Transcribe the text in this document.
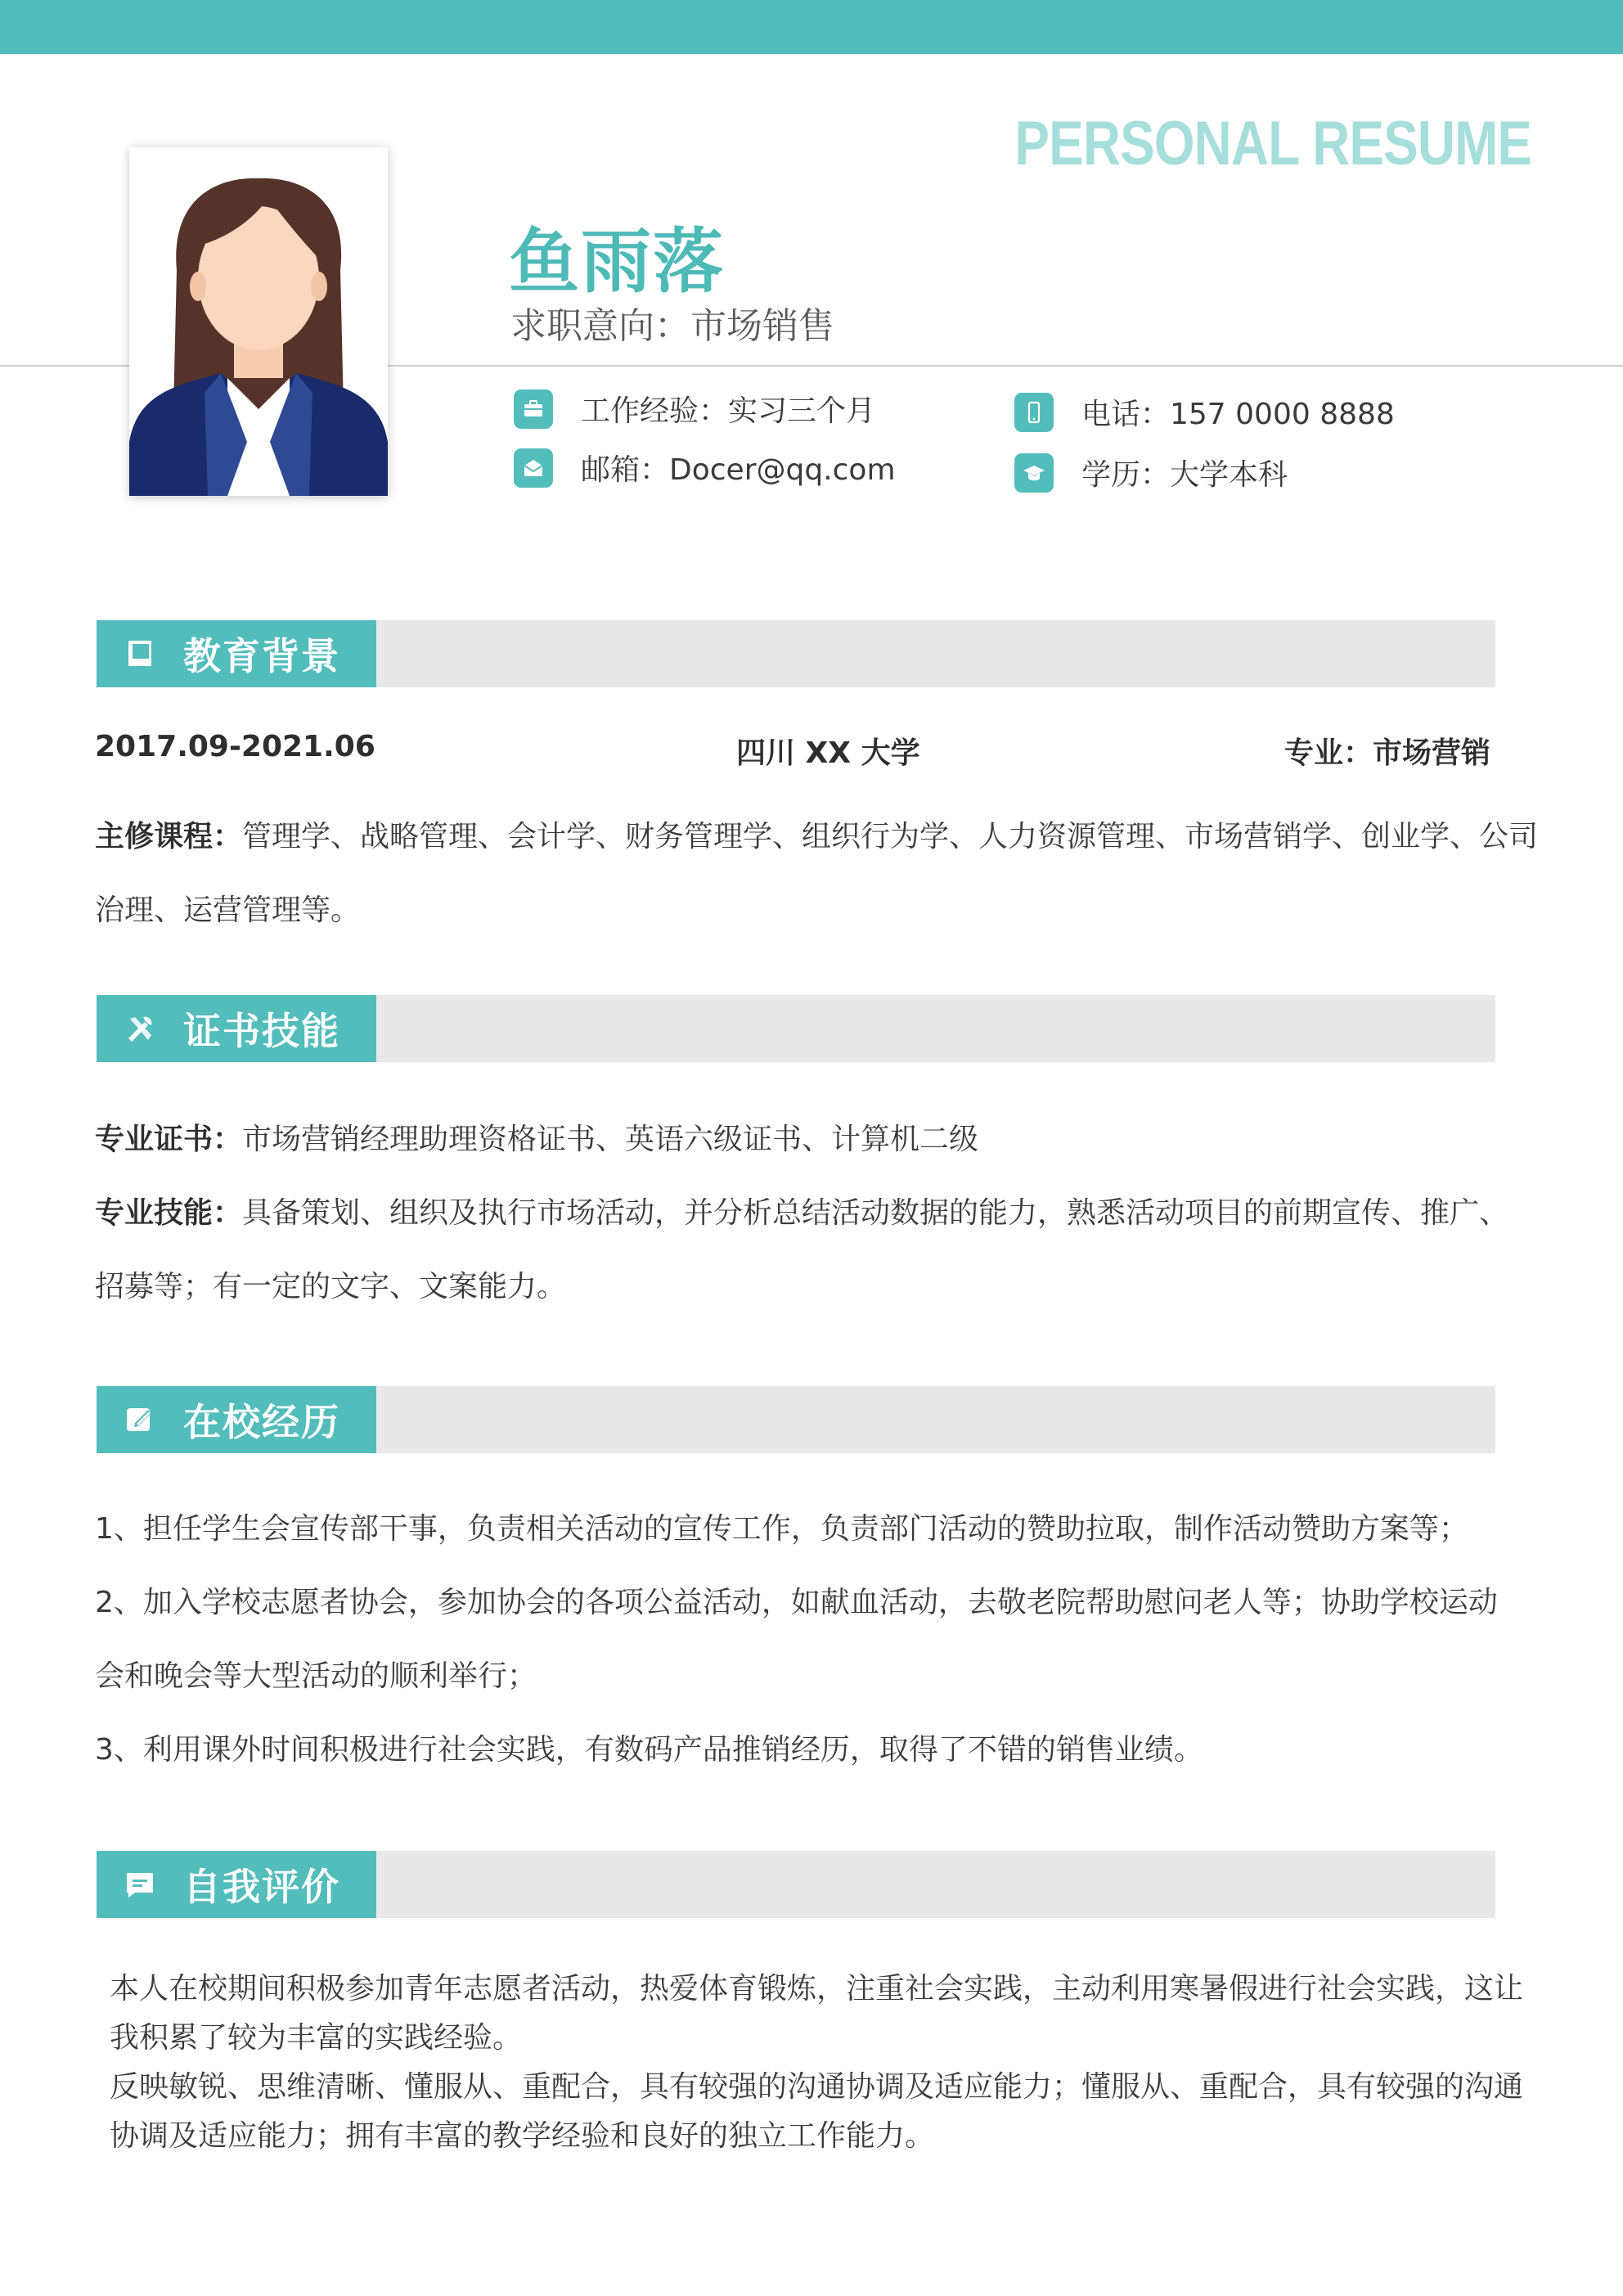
PERSONAL RESUME
鱼雨落
求职意向：市场销售
工作经验：实习三个月	电话：157 0000 8888
邮箱：Docer@qq.com	学历：大学本科
教育背景
2017.09-2021.06	四川 XX 大学	专业：市场营销
主修课程：管理学、战略管理、会计学、财务管理学、组织行为学、人力资源管理、市场营销学、创业学、公司
治理、运营管理等。
证书技能
专业证书：市场营销经理助理资格证书、英语六级证书、计算机二级
专业技能：具备策划、组织及执行市场活动，并分析总结活动数据的能力，熟悉活动项目的前期宣传、推广、
招募等；有一定的文字、文案能力。
在校经历
1、担任学生会宣传部干事，负责相关活动的宣传工作，负责部门活动的赞助拉取，制作活动赞助方案等；
2、加入学校志愿者协会，参加协会的各项公益活动，如献血活动，去敬老院帮助慰问老人等；协助学校运动
会和晚会等大型活动的顺利举行；
3、利用课外时间积极进行社会实践，有数码产品推销经历，取得了不错的销售业绩。
自我评价
本人在校期间积极参加青年志愿者活动，热爱体育锻炼，注重社会实践，主动利用寒暑假进行社会实践，这让
我积累了较为丰富的实践经验。
反映敏锐、思维清晰、懂服从、重配合，具有较强的沟通协调及适应能力；懂服从、重配合，具有较强的沟通
协调及适应能力；拥有丰富的教学经验和良好的独立工作能力。
